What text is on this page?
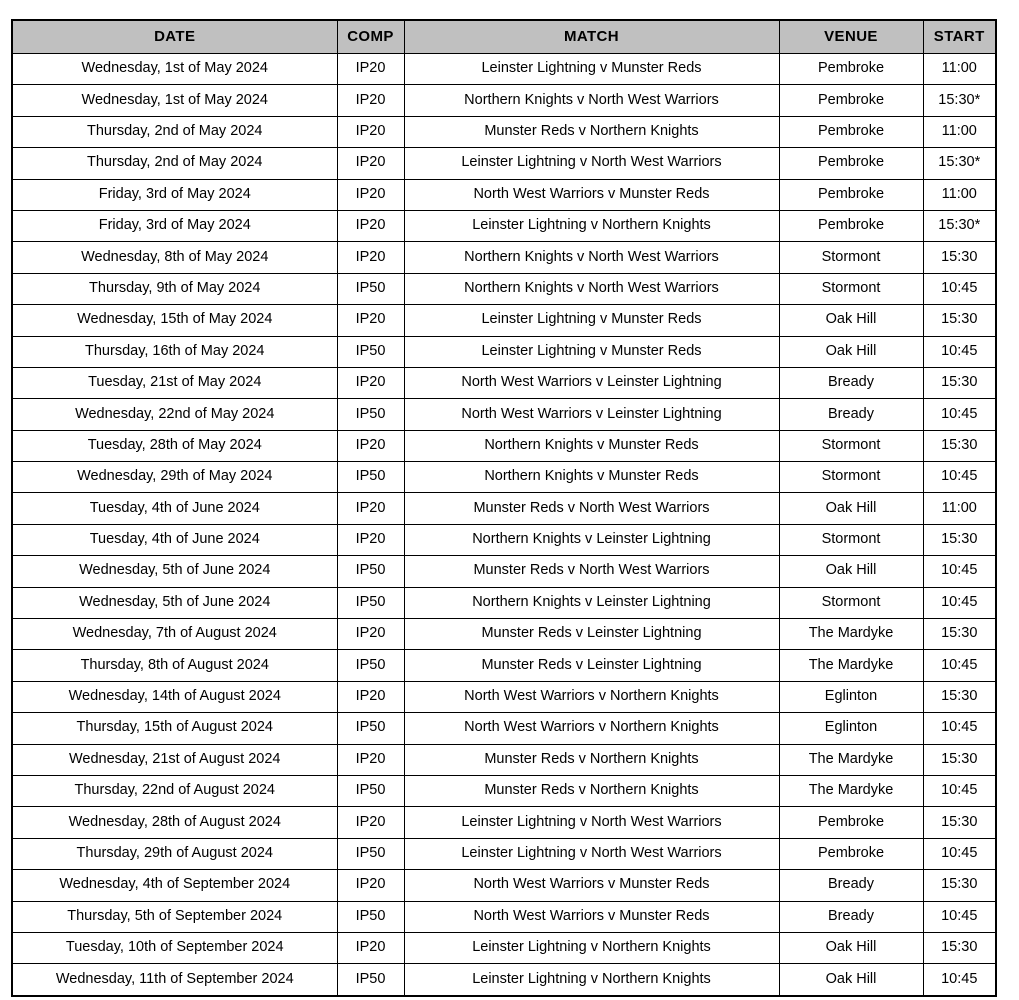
DATE	COMP	MATCH	VENUE	START
Wednesday, 1st of May 2024	IP20	Leinster Lightning v Munster Reds	Pembroke	11:00
Wednesday, 1st of May 2024	IP20	Northern Knights v North West Warriors	Pembroke	15:30*
Thursday, 2nd of May 2024	IP20	Munster Reds v Northern Knights	Pembroke	11:00
Thursday, 2nd of May 2024	IP20	Leinster Lightning v North West Warriors	Pembroke	15:30*
Friday, 3rd of May 2024	IP20	North West Warriors v Munster Reds	Pembroke	11:00
Friday, 3rd of May 2024	IP20	Leinster Lightning v Northern Knights	Pembroke	15:30*
Wednesday, 8th of May 2024	IP20	Northern Knights v North West Warriors	Stormont	15:30
Thursday, 9th of May 2024	IP50	Northern Knights v North West Warriors	Stormont	10:45
Wednesday, 15th of May 2024	IP20	Leinster Lightning v Munster Reds	Oak Hill	15:30
Thursday, 16th of May 2024	IP50	Leinster Lightning v Munster Reds	Oak Hill	10:45
Tuesday, 21st of May 2024	IP20	North West Warriors v Leinster Lightning	Bready	15:30
Wednesday, 22nd of May 2024	IP50	North West Warriors v Leinster Lightning	Bready	10:45
Tuesday, 28th of May 2024	IP20	Northern Knights v Munster Reds	Stormont	15:30
Wednesday, 29th of May 2024	IP50	Northern Knights v Munster Reds	Stormont	10:45
Tuesday, 4th of June 2024	IP20	Munster Reds v North West Warriors	Oak Hill	11:00
Tuesday, 4th of June 2024	IP20	Northern Knights v Leinster Lightning	Stormont	15:30
Wednesday, 5th of June 2024	IP50	Munster Reds v North West Warriors	Oak Hill	10:45
Wednesday, 5th of June 2024	IP50	Northern Knights v Leinster Lightning	Stormont	10:45
Wednesday, 7th of August 2024	IP20	Munster Reds v Leinster Lightning	The Mardyke	15:30
Thursday, 8th of August 2024	IP50	Munster Reds v Leinster Lightning	The Mardyke	10:45
Wednesday, 14th of August 2024	IP20	North West Warriors v Northern Knights	Eglinton	15:30
Thursday, 15th of August 2024	IP50	North West Warriors v Northern Knights	Eglinton	10:45
Wednesday, 21st of August 2024	IP20	Munster Reds v Northern Knights	The Mardyke	15:30
Thursday, 22nd of August 2024	IP50	Munster Reds v Northern Knights	The Mardyke	10:45
Wednesday, 28th of August 2024	IP20	Leinster Lightning v North West Warriors	Pembroke	15:30
Thursday, 29th of August 2024	IP50	Leinster Lightning v North West Warriors	Pembroke	10:45
Wednesday, 4th of September 2024	IP20	North West Warriors v Munster Reds	Bready	15:30
Thursday, 5th of September 2024	IP50	North West Warriors v Munster Reds	Bready	10:45
Tuesday, 10th of September 2024	IP20	Leinster Lightning v Northern Knights	Oak Hill	15:30
Wednesday, 11th of September 2024	IP50	Leinster Lightning v Northern Knights	Oak Hill	10:45
